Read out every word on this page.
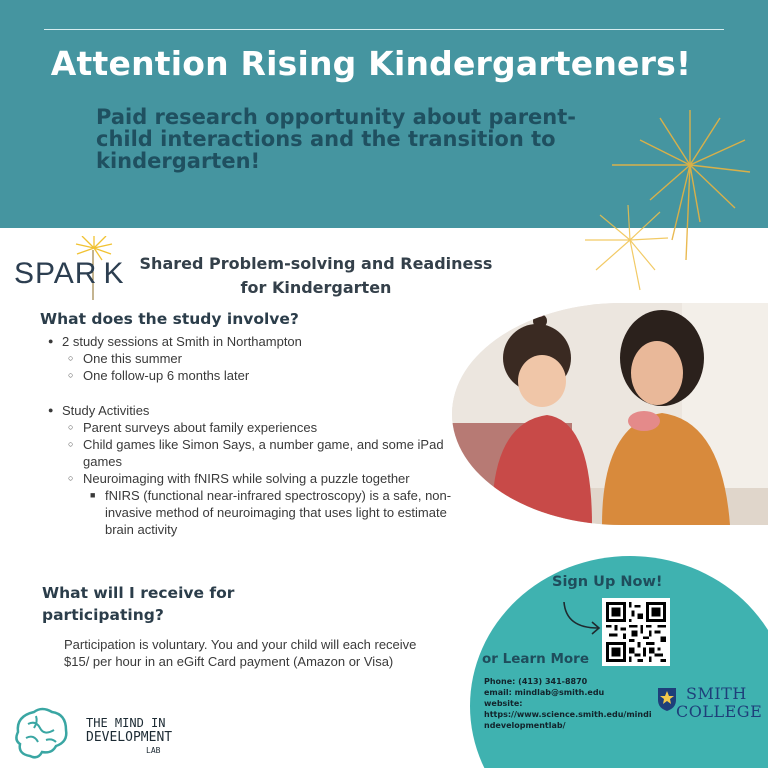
Attention Rising Kindergarteners!
Paid research opportunity about parent-
child interactions and the transition to
kindergarten!
SPAR K Shared Problem-solving and Readiness
for Kindergarten
What does the study involve?
● 2 study sessions at Smith in Northampton
○ One this summer
○ One follow-up 6 months later
● Study Activities
○ Parent surveys about family experiences
○ Child games like Simon Says, a number game, and some iPad games
○ Neuroimaging with fNIRS while solving a puzzle together
■ fNIRS (functional near-infrared spectroscopy) is a safe, non-invasive method of neuroimaging that uses light to estimate brain activity
What will I receive for
participating?
Participation is voluntary. You and your child will each receive $15/ per hour in an eGift Card payment (Amazon or Visa)
Sign Up Now!
or Learn More
Phone: (413) 341-8870
email: mindlab@smith.edu
website:
https://www.science.smith.edu/mindindevelopmentlab/
SMITH
COLLEGE
THE MIND IN
DEVELOPMENT
LAB
